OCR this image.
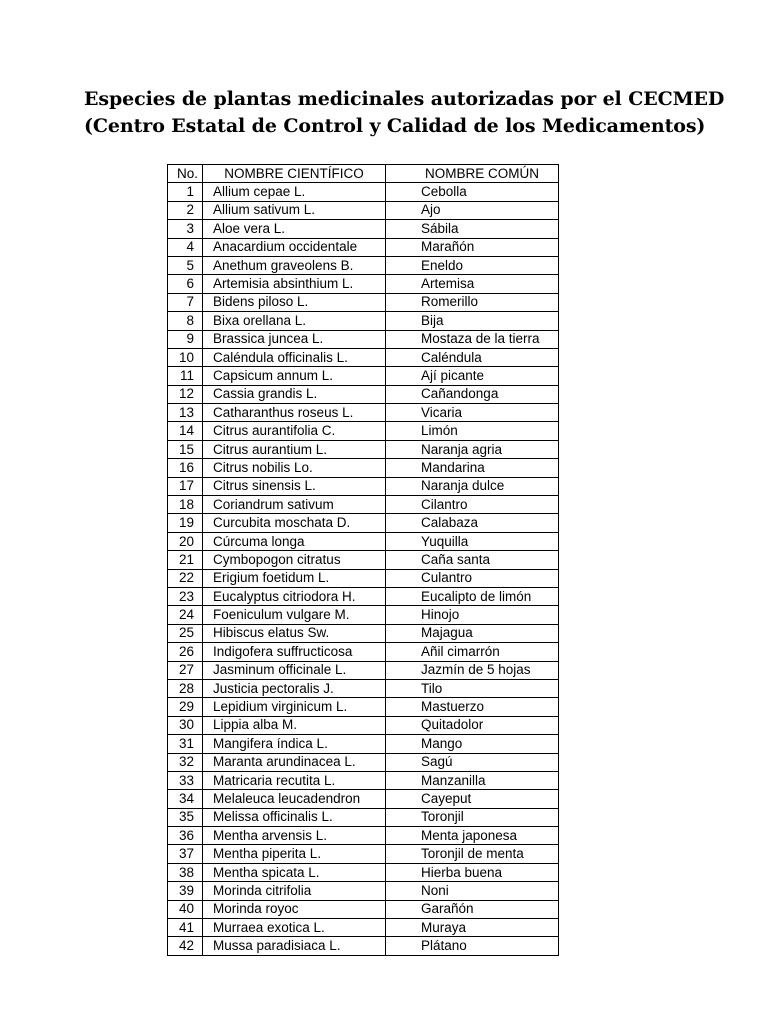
Especies de plantas medicinales autorizadas por el CECMED
(Centro Estatal de Control y Calidad de los Medicamentos)
No.	NOMBRE CIENTÍFICO	NOMBRE COMÚN
1	Allium cepae L.	Cebolla
2	Allium sativum L.	Ajo
3	Aloe vera L.	Sábila
4	Anacardium occidentale	Marañón
5	Anethum graveolens B.	Eneldo
6	Artemisia absinthium L.	Artemisa
7	Bidens piloso L.	Romerillo
8	Bixa orellana L.	Bija
9	Brassica juncea L.	Mostaza de la tierra
10	Caléndula officinalis L.	Caléndula
11	Capsicum annum L.	Ají picante
12	Cassia grandis L.	Cañandonga
13	Catharanthus roseus L.	Vicaria
14	Citrus aurantifolia C.	Limón
15	Citrus aurantium L.	Naranja agria
16	Citrus nobilis Lo.	Mandarina
17	Citrus sinensis L.	Naranja dulce
18	Coriandrum sativum	Cilantro
19	Curcubita moschata D.	Calabaza
20	Cúrcuma longa	Yuquilla
21	Cymbopogon citratus	Caña santa
22	Erigium foetidum L.	Culantro
23	Eucalyptus citriodora H.	Eucalipto de limón
24	Foeniculum vulgare M.	Hinojo
25	Hibiscus elatus Sw.	Majagua
26	Indigofera suffructicosa	Añil cimarrón
27	Jasminum officinale L.	Jazmín de 5 hojas
28	Justicia pectoralis J.	Tilo
29	Lepidium virginicum L.	Mastuerzo
30	Lippia alba M.	Quitadolor
31	Mangifera índica L.	Mango
32	Maranta arundinacea L.	Sagú
33	Matricaria recutita L.	Manzanilla
34	Melaleuca leucadendron	Cayeput
35	Melissa officinalis L.	Toronjil
36	Mentha arvensis L.	Menta japonesa
37	Mentha piperita L.	Toronjil de menta
38	Mentha spicata L.	Hierba buena
39	Morinda citrifolia	Noni
40	Morinda royoc	Garañón
41	Murraea exotica L.	Muraya
42	Mussa paradisiaca L.	Plátano
